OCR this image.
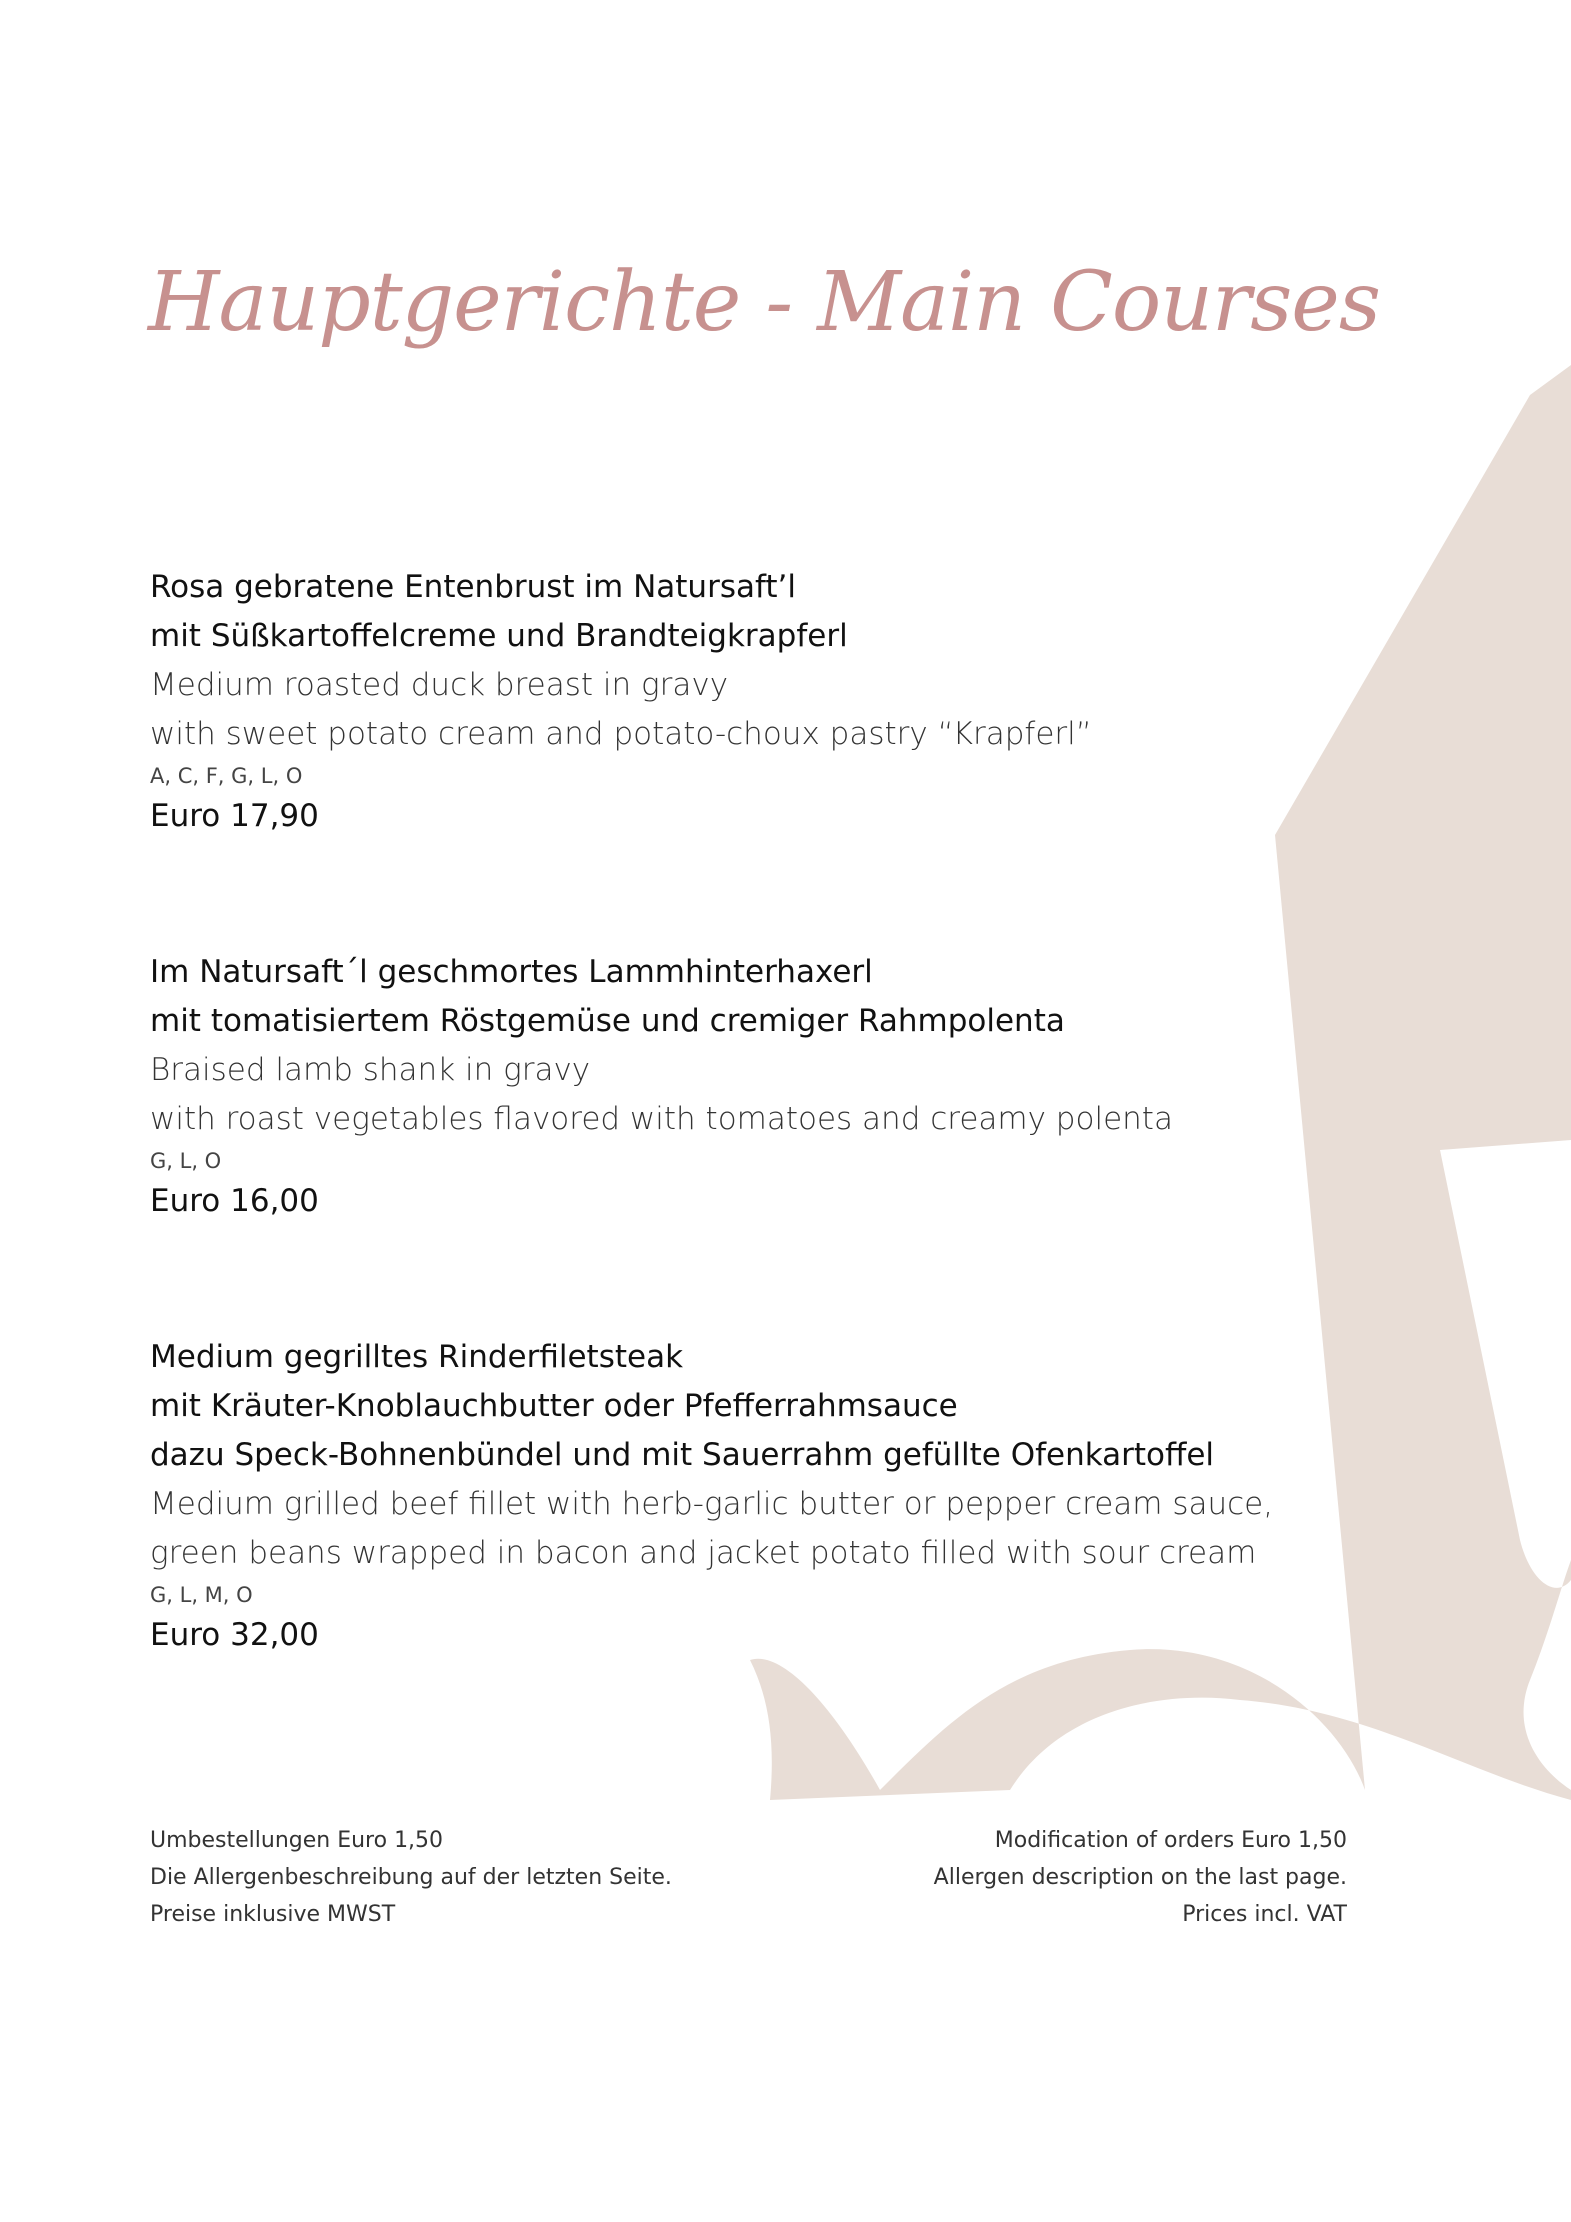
Hauptgerichte - Main Courses
Rosa gebratene Entenbrust im Natursaft’l
mit Süßkartoffelcreme und Brandteigkrapferl
Medium roasted duck breast in gravy
with sweet potato cream and potato-choux pastry “Krapferl”
A, C, F, G, L, O
Euro 17,90
Im Natursaft´l geschmortes Lammhinterhaxerl
mit tomatisiertem Röstgemüse und cremiger Rahmpolenta
Braised lamb shank in gravy
with roast vegetables flavored with tomatoes and creamy polenta
G, L, O
Euro 16,00
Medium gegrilltes Rinderfiletsteak
mit Kräuter-Knoblauchbutter oder Pfefferrahmsauce
dazu Speck-Bohnenbündel und mit Sauerrahm gefüllte Ofenkartoffel
Medium grilled beef fillet with herb-garlic butter or pepper cream sauce,
green beans wrapped in bacon and jacket potato filled with sour cream
G, L, M, O
Euro 32,00
Umbestellungen Euro 1,50
Die Allergenbeschreibung auf der letzten Seite.
Preise inklusive MWST
Modification of orders Euro 1,50
Allergen description on the last page.
Prices incl. VAT
